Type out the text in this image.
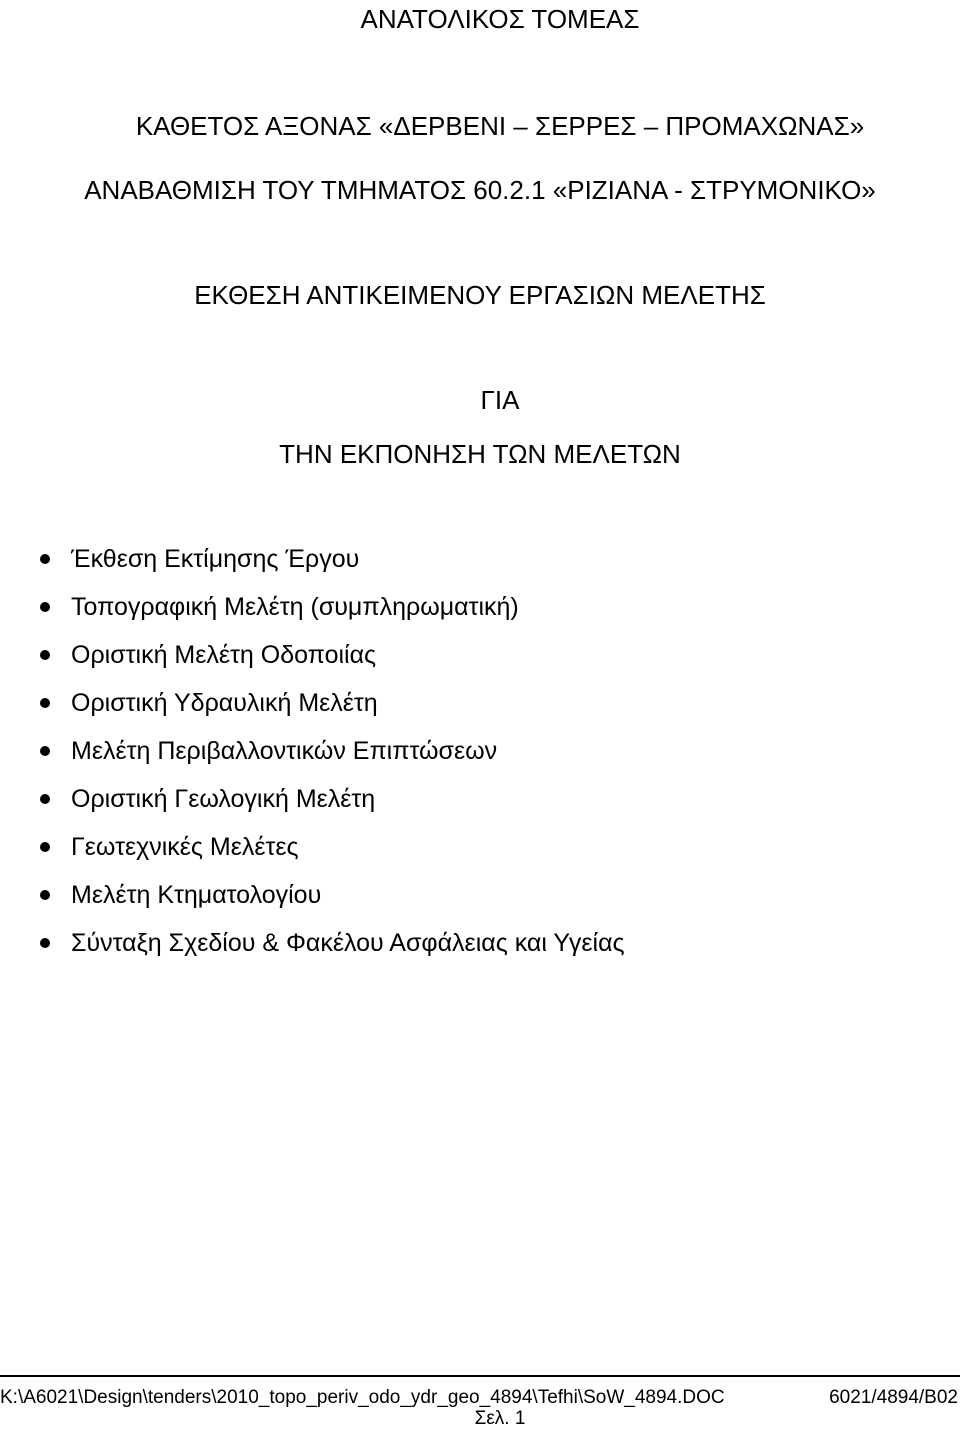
ΑΝΑΤΟΛΙΚΟΣ ΤΟΜΕΑΣ
ΚΑΘΕΤΟΣ ΑΞΟΝΑΣ «ΔΕΡΒΕΝΙ – ΣΕΡΡΕΣ – ΠΡΟΜΑΧΩΝΑΣ»
ΑΝΑΒΑΘΜΙΣΗ ΤΟΥ ΤΜΗΜΑΤΟΣ 60.2.1 «ΡΙΖΙΑΝΑ - ΣΤΡΥΜΟΝΙΚΟ»
ΕΚΘΕΣΗ ΑΝΤΙΚΕΙΜΕΝΟΥ ΕΡΓΑΣΙΩΝ ΜΕΛΕΤΗΣ
ΓΙΑ
ΤΗΝ ΕΚΠΟΝΗΣΗ ΤΩΝ ΜΕΛΕΤΩΝ
Έκθεση Εκτίμησης Έργου
Τοπογραφική Μελέτη (συμπληρωματική)
Οριστική Μελέτη Οδοποιίας
Οριστική Υδραυλική Μελέτη
Μελέτη Περιβαλλοντικών Επιπτώσεων
Οριστική Γεωλογική Μελέτη
Γεωτεχνικές Μελέτες
Μελέτη Κτηματολογίου
Σύνταξη Σχεδίου & Φακέλου Ασφάλειας και Υγείας
K:\A6021\Design\tenders\2010_topo_periv_odo_ydr_geo_4894\Tefhi\SoW_4894.DOC	6021/4894/Β02
Σελ. 1
